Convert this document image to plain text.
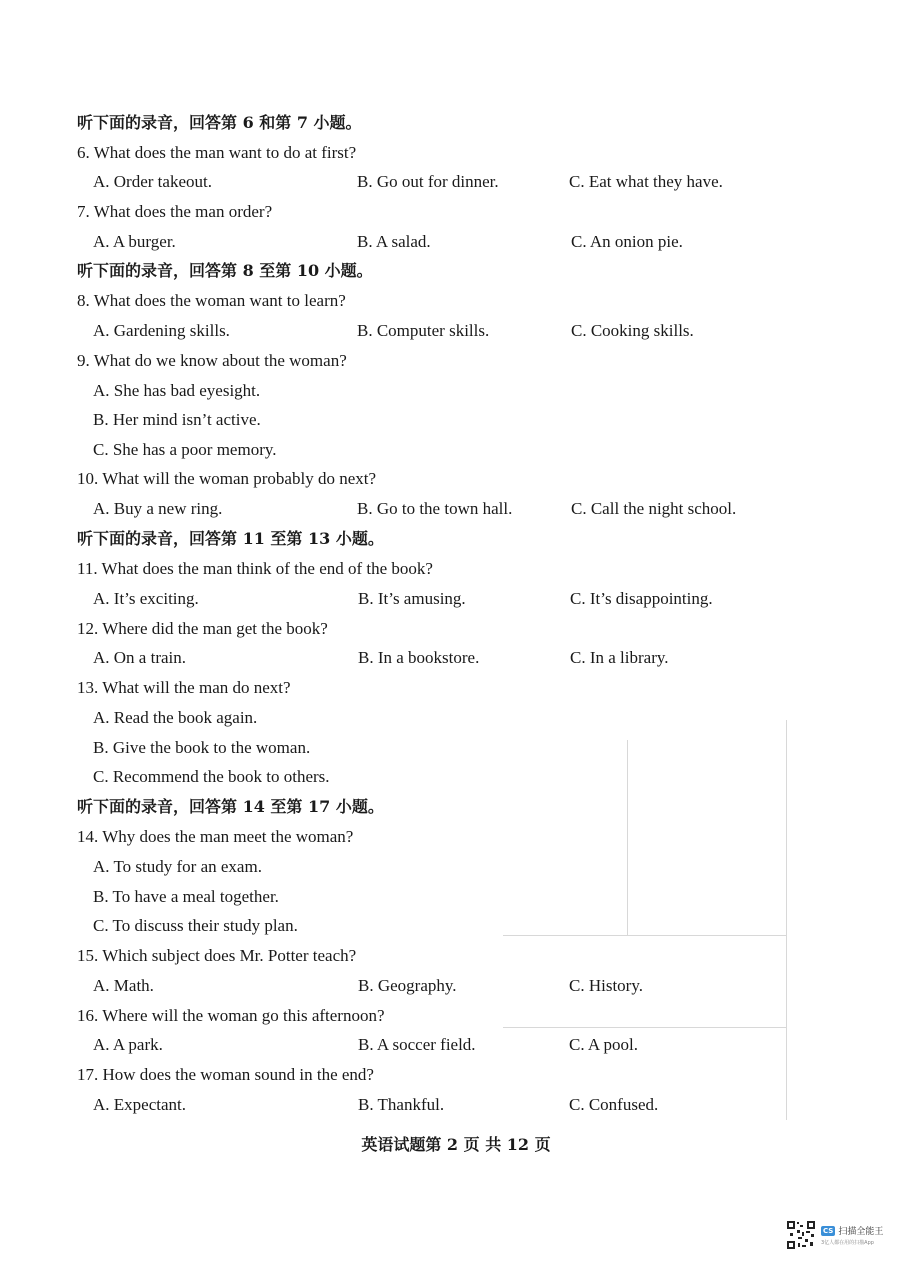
听下面的录音，回答第 6 和第 7 小题。
6. What does the man want to do at first?
A. Order takeout.	B. Go out for dinner.	C. Eat what they have.
7. What does the man order?
A. A burger.	B. A salad.	C. An onion pie.
听下面的录音，回答第 8 至第 10 小题。
8. What does the woman want to learn?
A. Gardening skills.	B. Computer skills.	C. Cooking skills.
9. What do we know about the woman?
A. She has bad eyesight.
B. Her mind isn’t active.
C. She has a poor memory.
10. What will the woman probably do next?
A. Buy a new ring.	B. Go to the town hall.	C. Call the night school.
听下面的录音，回答第 11 至第 13 小题。
11. What does the man think of the end of the book?
A. It’s exciting.	B. It’s amusing.	C. It’s disappointing.
12. Where did the man get the book?
A. On a train.	B. In a bookstore.	C. In a library.
13. What will the man do next?
A. Read the book again.
B. Give the book to the woman.
C. Recommend the book to others.
听下面的录音，回答第 14 至第 17 小题。
14. Why does the man meet the woman?
A. To study for an exam.
B. To have a meal together.
C. To discuss their study plan.
15. Which subject does Mr. Potter teach?
A. Math.	B. Geography.	C. History.
16. Where will the woman go this afternoon?
A. A park.	B. A soccer field.	C. A pool.
17. How does the woman sound in the end?
A. Expectant.	B. Thankful.	C. Confused.
英语试题第 2 页 共 12 页
CS 扫描全能王
3亿人都在用的扫描App
